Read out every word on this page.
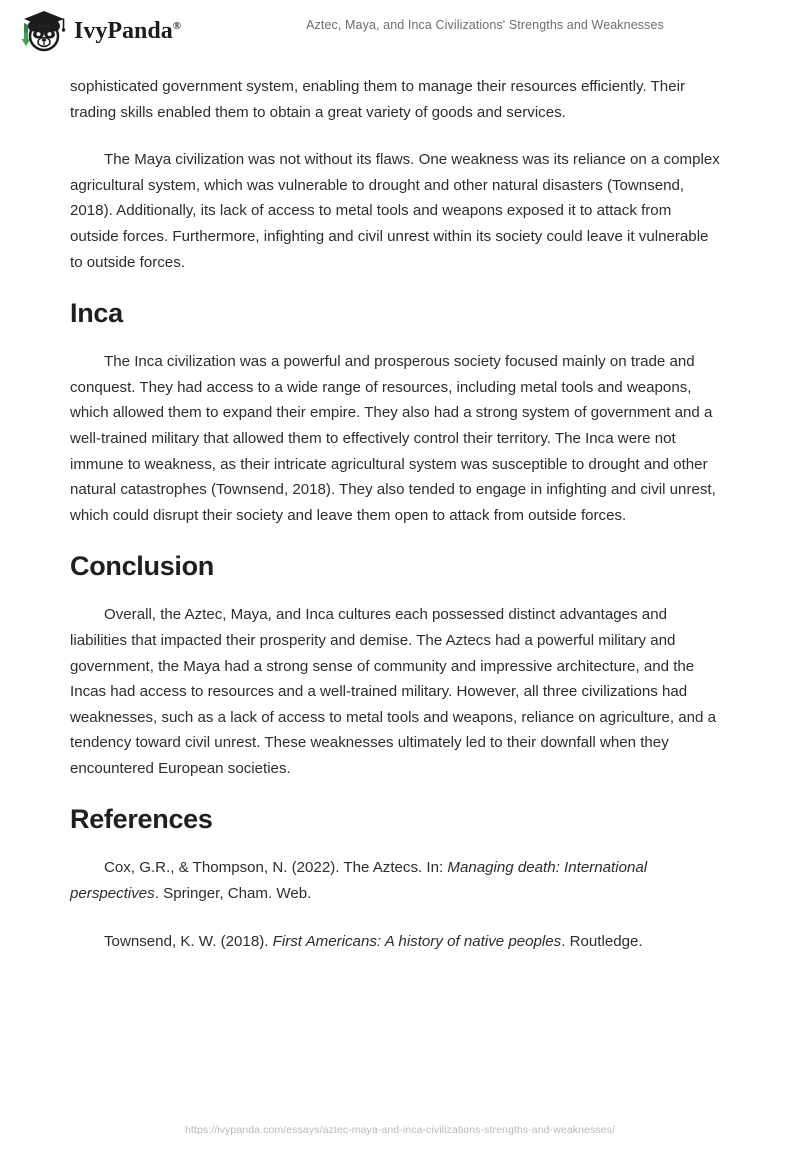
IvyPanda®	Aztec, Maya, and Inca Civilizations' Strengths and Weaknesses

sophisticated government system, enabling them to manage their resources efficiently. Their trading skills enabled them to obtain a great variety of goods and services.

The Maya civilization was not without its flaws. One weakness was its reliance on a complex agricultural system, which was vulnerable to drought and other natural disasters (Townsend, 2018). Additionally, its lack of access to metal tools and weapons exposed it to attack from outside forces. Furthermore, infighting and civil unrest within its society could leave it vulnerable to outside forces.

Inca

The Inca civilization was a powerful and prosperous society focused mainly on trade and conquest. They had access to a wide range of resources, including metal tools and weapons, which allowed them to expand their empire. They also had a strong system of government and a well-trained military that allowed them to effectively control their territory. The Inca were not immune to weakness, as their intricate agricultural system was susceptible to drought and other natural catastrophes (Townsend, 2018). They also tended to engage in infighting and civil unrest, which could disrupt their society and leave them open to attack from outside forces.

Conclusion

Overall, the Aztec, Maya, and Inca cultures each possessed distinct advantages and liabilities that impacted their prosperity and demise. The Aztecs had a powerful military and government, the Maya had a strong sense of community and impressive architecture, and the Incas had access to resources and a well-trained military. However, all three civilizations had weaknesses, such as a lack of access to metal tools and weapons, reliance on agriculture, and a tendency toward civil unrest. These weaknesses ultimately led to their downfall when they encountered European societies.

References

Cox, G.R., & Thompson, N. (2022). The Aztecs. In: Managing death: International perspectives. Springer, Cham. Web.

Townsend, K. W. (2018). First Americans: A history of native peoples. Routledge.

https://ivypanda.com/essays/aztec-maya-and-inca-civilizations-strengths-and-weaknesses/
